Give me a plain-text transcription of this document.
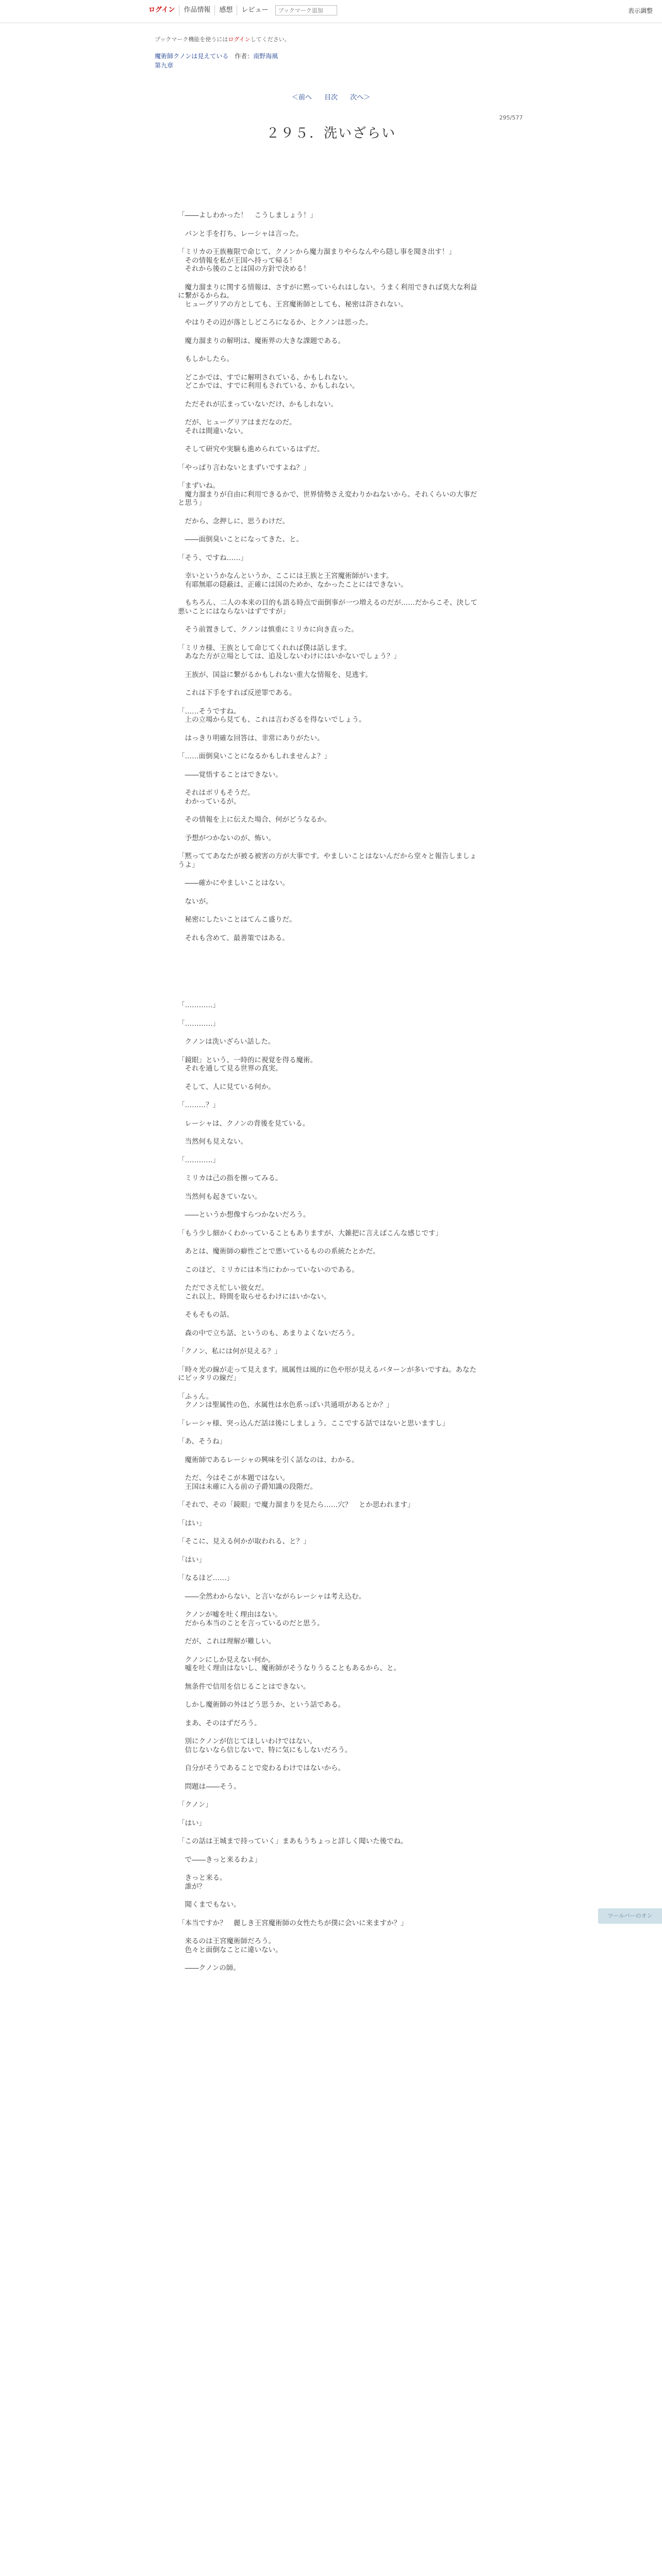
ログイン	作品情報	感想	レビュー
ブックマーク追加	表示調整
ブックマーク機能を使うにはログインしてください。
魔術師クノンは見えている 作者：南野海風
第九章
＜前へ 目次 次へ＞
295/577
２９５．洗いざらい

「――よしわかった！　こうしましょう！」

　パンと手を打ち、レーシャは言った。

「ミリカの王族権限で命じて、クノンから魔力溜まりやらなんやら隠し事を聞き出す！」

　その情報を私が王国へ持って帰る！

　それから後のことは国の方針で決める！

　魔力溜まりに関する情報は、さすがに黙っていられはしない。うまく利用できれば莫大な利益に繋がるからね。

　ヒューグリアの方としても、王宮魔術師としても、秘密は許されない。

　やはりその辺が落としどころになるか、とクノンは思った。

　魔力溜まりの解明は、魔術界の大きな課題である。

　もしかしたら。

　どこかでは、すでに解明されている、かもしれない。

　どこかでは、すでに利用もされている、かもしれない。

　ただそれが広まっていないだけ、かもしれない。

　だが、ヒューグリアはまだなのだ。

　それは間違いない。

　そして研究や実験も進められているはずだ。

「やっぱり言わないとまずいですよね？」

「まずいね。

　魔力溜まりが自由に利用できるかで、世界情勢さえ変わりかねないから。それくらいの大事だと思う」

　だから、念押しに、思うわけだ。

　――面倒臭いことになってきた、と。

「そう、ですね……」

　幸いというかなんというか、ここには王族と王宮魔術師がいます。

　有耶無耶の隠蔽は、正確には国のためか、なかったことにはできない。

　もちろん、二人の本来の目的も語る時点で面倒事が一つ増えるのだが……だからこそ、決して悪いことにはならないはずですが」

　そう前置きして、クノンは慎重にミリカに向き直った。

「ミリカ様、王族として命じてくれれば僕は話します。

　あなた方が立場としては、追及しないわけにはいかないでしょう？」

　王族が、国益に繋がるかもしれない重大な情報を、見逃す。

　これは下手をすれば反逆罪である。

「……そうですね。

　上の立場から見ても、これは言わざるを得ないでしょう。

　はっきり明確な回答は、非常にありがたい。

「……面倒臭いことになるかもしれませんよ？」

　――覚悟することはできない。

　それはボリもそうだ。

　わかっているが。

　その情報を上に伝えた場合、何がどうなるか。

　予想がつかないのが、怖い。

「黙っててあなたが被る被害の方が大事です。やましいことはないんだから堂々と報告しましょうよ」

　――確かにやましいことはない。

　ないが。

　秘密にしたいことはてんこ盛りだ。

　それも含めて、最善策ではある。

「…………」

「…………」

　クノンは洗いざらい話した。

「鏡眼」という、一時的に視覚を得る魔術。

　それを通して見る世界の真実。

　そして、人に見ている何か。

「………？」

　レーシャは、クノンの背後を見ている。

　当然何も見えない。

「…………」

　ミリカは己の指を擦ってみる。

　当然何も起きていない。

　――というか想像すらつかないだろう。

「もう少し細かくわかっていることもありますが、大雑把に言えばこんな感じです」

　あとは、魔術師の癖性ごとで悪いているものの系統たとかだ。

　このほど、ミリカには本当にわかっていないのである。

　ただでさえ忙しい彼女だ。

　これ以上、時間を取らせるわけにはいかない。

　そもそもの話。

　森の中で立ち話、というのも、あまりよくないだろう。

「クノン、私には何が見える？」

「時々光の線が走って見えます。風属性は風的に色や形が見えるパターンが多いですね。あなたにピッタリの線だ」

「ふぅん。

　クノンは聖属性の色、水属性は水色系っぽい共通項があるとか？」

「レーシャ様、突っ込んだ話は後にしましょう。ここでする話ではないと思いますし」

「あ、そうね」

　魔術師であるレーシャの興味を引く話なのは、わかる。

　ただ、今はそこが本題ではない。

　王国は未確に入る前の子爵知識の段階だ。

「それで、その「鏡眼」で魔力溜まりを見たら……穴？　とか思われます」

「はい」

「そこに、見える何かが取われる、と？」

「はい」

「なるほど……」

　――全然わからない、と言いながらレーシャは考え込む。

　クノンが嘘を吐く理由はない。

　だから本当のことを言っているのだと思う。

　だが、これは理解が難しい。

　クノンにしか見えない何か。

　嘘を吐く理由はないし、魔術師がそうなりうることもあるから、と。

　無条件で信用を信じることはできない。

　しかし魔術師の外はどう思うか、という話である。

　まあ、そのはずだろう。

　別にクノンが信じてほしいわけではない。

　信じないなら信じないで、特に気にもしないだろう。

　自分がそうであることで変わるわけではないから。

　問題は――そう。

「クノン」

「はい」

「この話は王城まで持っていく」まあもうちょっと詳しく聞いた後でね。

　で――きっと来るわよ」

　きっと来る。

　誰が？

　聞くまでもない。

「本当ですか？　麗しき王宮魔術師の女性たちが僕に会いに来ますか？」

　来るのは王宮魔術師だろう。

　色々と面倒なことに違いない。

　――クノンの師。

ツールバーのオン
